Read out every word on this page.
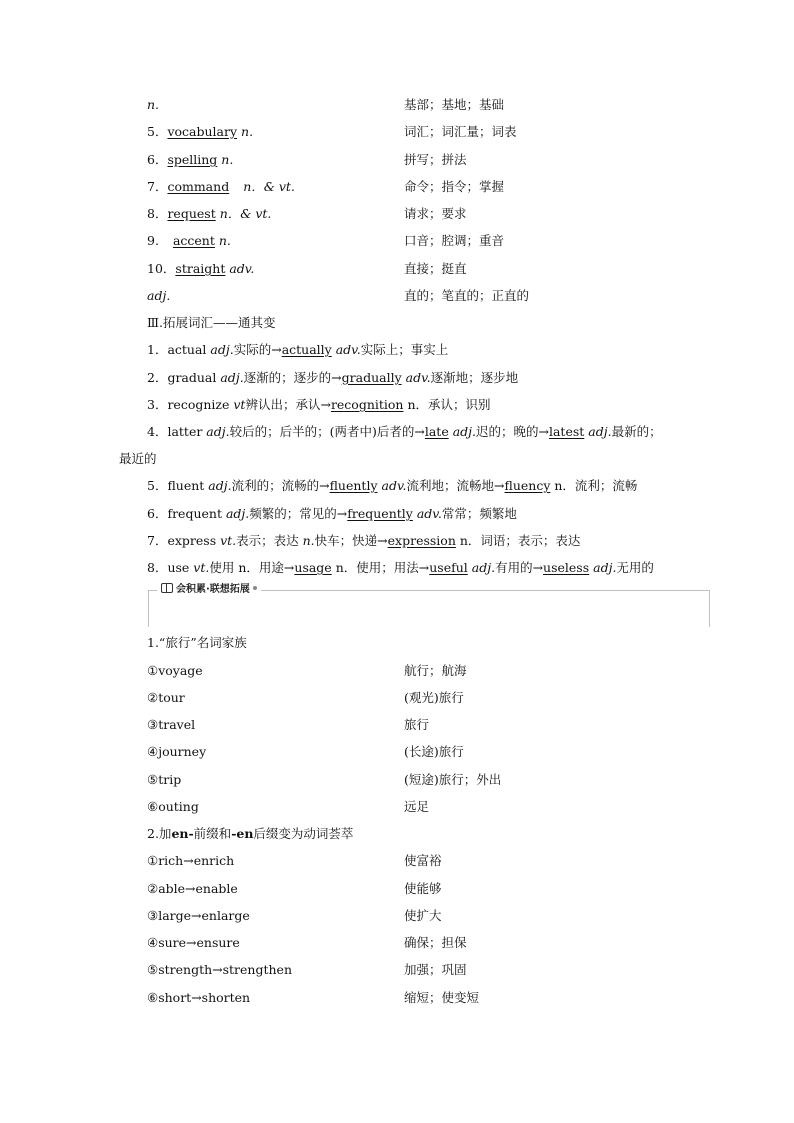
n.	基部；基地；基础
5．vocabulary n.	词汇；词汇量；词表
6．spelling n.	拼写；拼法
7．command n．& vt.	命令；指令；掌握
8．request n．& vt.	请求；要求
9. accent n.	口音；腔调；重音
10．straight adv.	直接；挺直
adj.	直的；笔直的；正直的
Ⅲ.拓展词汇——通其变
1．actual adj.实际的→actually adv.实际上；事实上
2．gradual adj.逐渐的；逐步的→gradually adv.逐渐地；逐步地
3．recognize vt辨认出；承认→recognition n．承认；识别
4．latter adj.较后的；后半的；(两者中)后者的→late adj.迟的；晚的→latest adj.最新的；
最近的
5．fluent adj.流利的；流畅的→fluently adv.流利地；流畅地→fluency n．流利；流畅
6．frequent adj.频繁的；常见的→frequently adv.常常；频繁地
7．express vt.表示；表达 n.快车；快递→expression n．词语；表示；表达
8．use vt.使用 n．用途→usage n．使用；用法→useful adj.有用的→useless adj.无用的
会积累·联想拓展
1.“旅行”名词家族
①voyage	航行；航海
②tour	(观光)旅行
③travel	旅行
④journey	(长途)旅行
⑤trip	(短途)旅行；外出
⑥outing	远足
2.加en-前缀和-en后缀变为动词荟萃
①rich→enrich	使富裕
②able→enable	使能够
③large→enlarge	使扩大
④sure→ensure	确保；担保
⑤strength→strengthen	加强；巩固
⑥short→shorten	缩短；使变短
